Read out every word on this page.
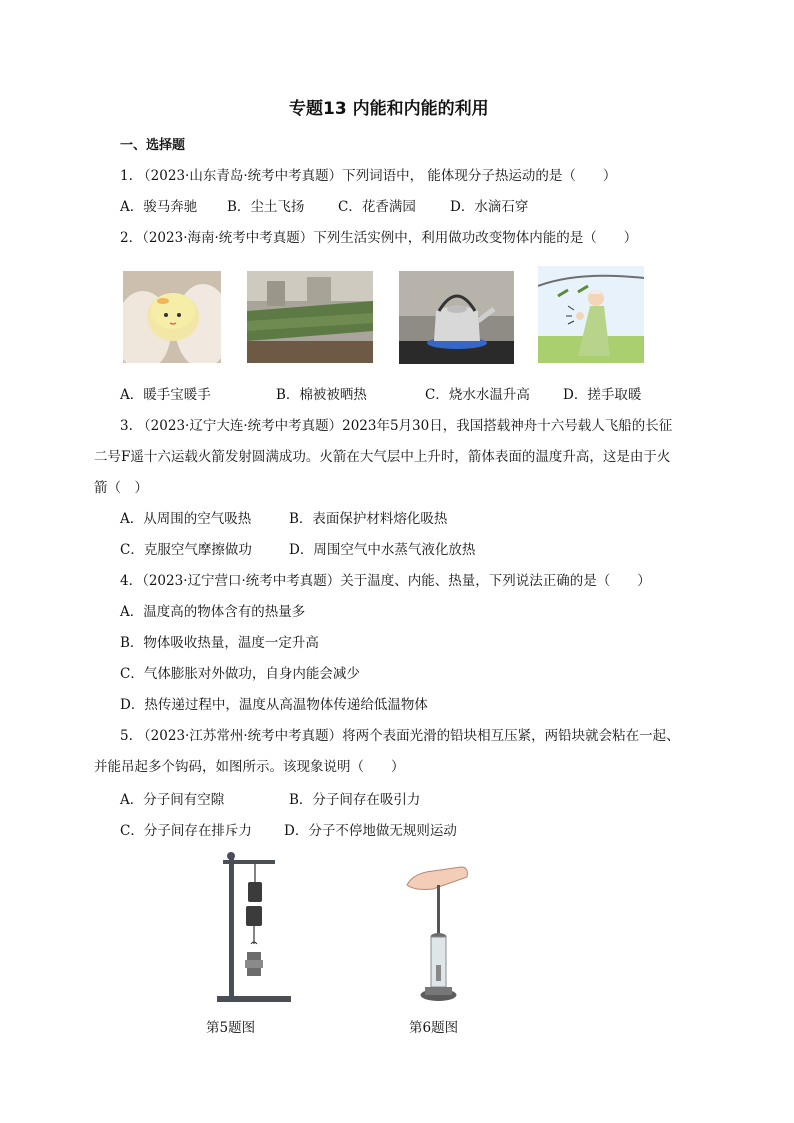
专题13 内能和内能的利用
一、选择题
1. （2023·山东青岛·统考中考真题）下列词语中， 能体现分子热运动的是（　　）
A．骏马奔驰 B．尘土飞扬 C．花香满园	D．水滴石穿
2．（2023·海南·统考中考真题）下列生活实例中，利用做功改变物体内能的是（　　）
A．暖手宝暖手	B．棉被被晒热	C．烧水水温升高 D．搓手取暖
3. （2023·辽宁大连·统考中考真题）2023年5月30日，我国搭载神舟十六号载人飞船的长征
二号F遥十六运载火箭发射圆满成功。火箭在大气层中上升时，箭体表面的温度升高，这是由于火
箭（　）
A．从周围的空气吸热	B．表面保护材料熔化吸热
C．克服空气摩擦做功	D．周围空气中水蒸气液化放热
4．（2023·辽宁营口·统考中考真题）关于温度、内能、热量，下列说法正确的是（　　）
A．温度高的物体含有的热量多
B．物体吸收热量，温度一定升高
C．气体膨胀对外做功，自身内能会减少
D．热传递过程中，温度从高温物体传递给低温物体
5. （2023·江苏常州·统考中考真题）将两个表面光滑的铅块相互压紧，两铅块就会粘在一起、
并能吊起多个钩码，如图所示。该现象说明（　　）
A．分子间有空隙	B．分子间存在吸引力
C．分子间存在排斥力 D．分子不停地做无规则运动
第5题图	第6题图
